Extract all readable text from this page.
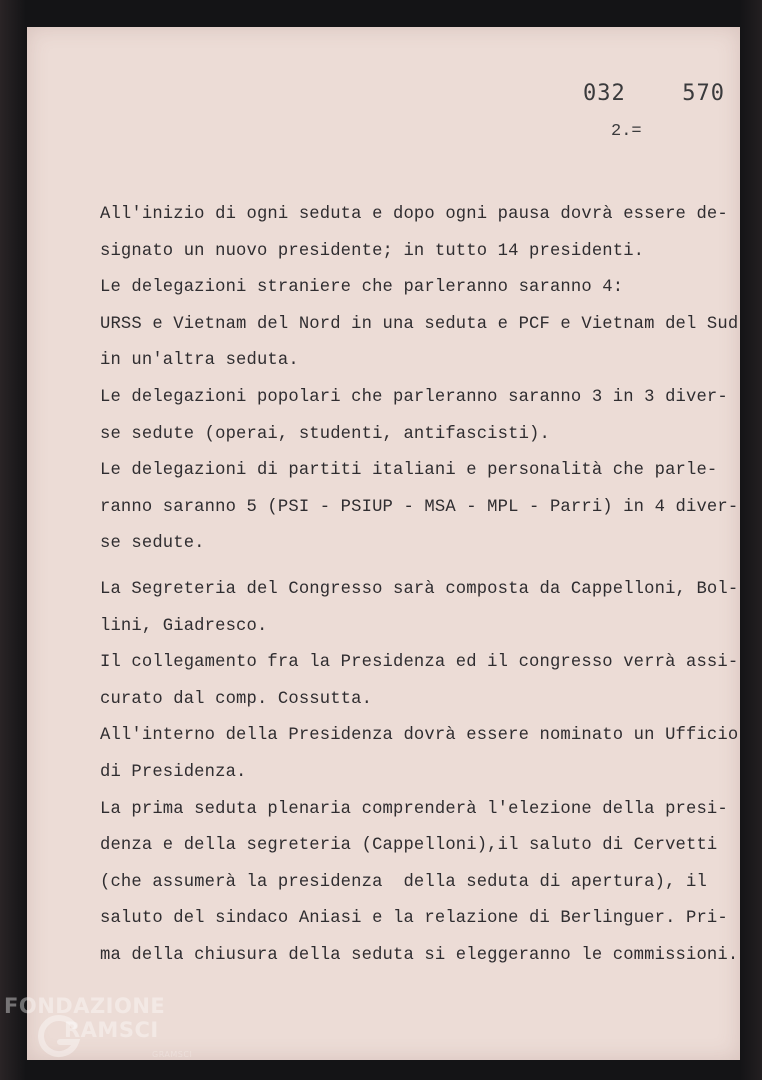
032  570
2.=
All'inizio di ogni seduta e dopo ogni pausa dovrà essere de-
signato un nuovo presidente; in tutto 14 presidenti.
Le delegazioni straniere che parleranno saranno 4:
URSS e Vietnam del Nord in una seduta e PCF e Vietnam del Sud
in un'altra seduta.
Le delegazioni popolari che parleranno saranno 3 in 3 diver-
se sedute (operai, studenti, antifascisti).
Le delegazioni di partiti italiani e personalità che parle-
ranno saranno 5 (PSI - PSIUP - MSA - MPL - Parri) in 4 diver-
se sedute.
La Segreteria del Congresso sarà composta da Cappelloni, Bol-
lini, Giadresco.
Il collegamento fra la Presidenza ed il congresso verrà assi-
curato dal comp. Cossutta.
All'interno della Presidenza dovrà essere nominato un Ufficio
di Presidenza.
La prima seduta plenaria comprenderà l'elezione della presi-
denza e della segreteria (Cappelloni),il saluto di Cervetti
(che assumerà la presidenza  della seduta di apertura), il
saluto del sindaco Aniasi e la relazione di Berlinguer. Pri-
ma della chiusura della seduta si eleggeranno le commissioni.
FONDAZIONE
RAMSCI
GRAMSCI
